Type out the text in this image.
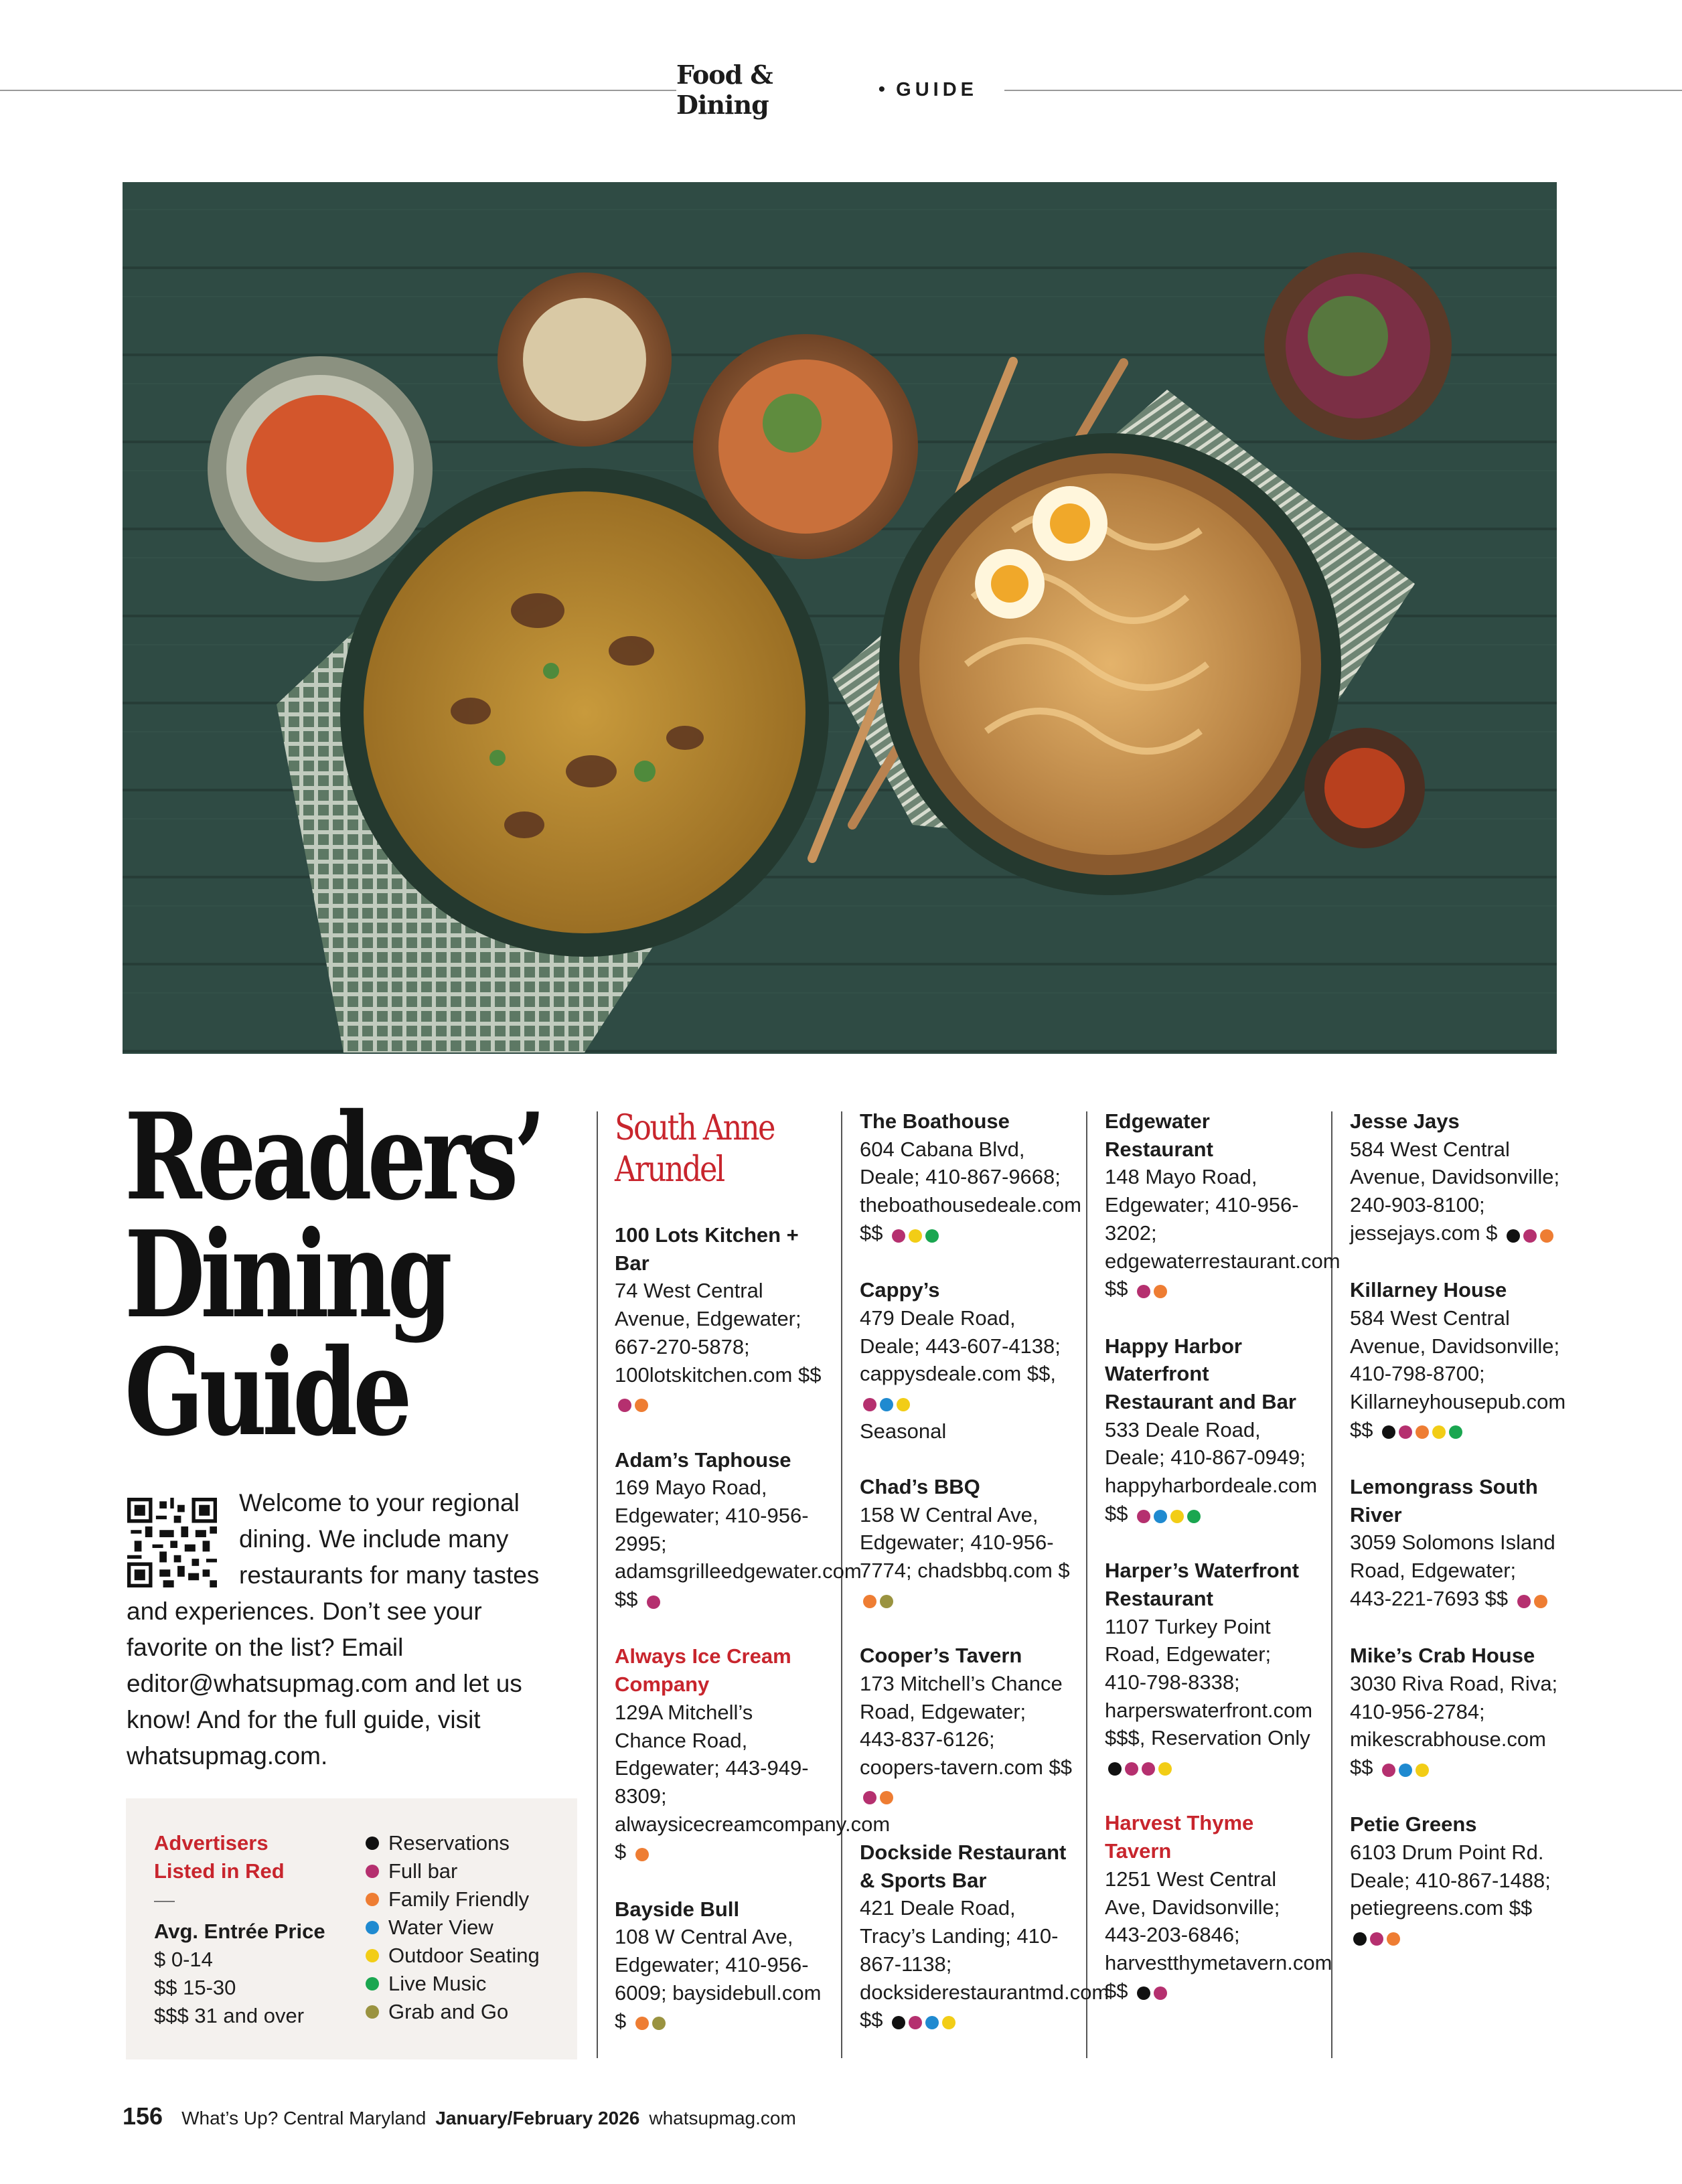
Food & Dining
• GUIDE
Readers’
Dining
Guide
Welcome to your regional dining. We include many restaurants for many tastes and experiences. Don’t see your favorite on the list? Email editor@whatsupmag.com and let us know! And for the full guide, visit whatsupmag.com.
Advertisers Listed in Red
—
Avg. Entrée Price
$ 0-14
$$ 15-30
$$$ 31 and over
Reservations
Full bar
Family Friendly
Water View
Outdoor Seating
Live Music
Grab and Go
South Anne
Arundel
100 Lots Kitchen + Bar
74 West Central Avenue, Edgewater; 667-270-5878; 100lotskitchen.com $$
Adam’s Taphouse
169 Mayo Road, Edgewater; 410-956-2995; adamsgrilleedgewater.com $$
Always Ice Cream Company
129A Mitchell’s Chance Road, Edgewater; 443-949-8309; alwaysicecreamcompany.com $
Bayside Bull
108 W Central Ave, Edgewater; 410-956-6009; baysidebull.com $
The Boathouse
604 Cabana Blvd, Deale; 410-867-9668; theboathousedeale.com $$
Cappy’s
479 Deale Road, Deale; 443-607-4138; cappysdeale.com $$,
Seasonal
Chad’s BBQ
158 W Central Ave, Edgewater; 410-956-7774; chadsbbq.com $
Cooper’s Tavern
173 Mitchell’s Chance Road, Edgewater; 443-837-6126; coopers-tavern.com $$
Dockside Restaurant & Sports Bar
421 Deale Road, Tracy’s Landing; 410-867-1138; docksiderestaurantmd.com $$
Edgewater Restaurant
148 Mayo Road, Edgewater; 410-956-3202; edgewaterrestaurant.com $$
Happy Harbor Waterfront Restaurant and Bar
533 Deale Road, Deale; 410-867-0949; happyharbordeale.com $$
Harper’s Waterfront Restaurant
1107 Turkey Point Road, Edgewater; 410-798-8338; harperswaterfront.com $$$, Reservation Only
Harvest Thyme Tavern
1251 West Central Ave, Davidsonville; 443-203-6846; harvestthymetavern.com $$
Jesse Jays
584 West Central Avenue, Davidsonville; 240-903-8100; jessejays.com $
Killarney House
584 West Central Avenue, Davidsonville; 410-798-8700; Killarneyhousepub.com $$
Lemongrass South River
3059 Solomons Island Road, Edgewater; 443-221-7693 $$
Mike’s Crab House
3030 Riva Road, Riva; 410-956-2784; mikescrabhouse.com $$
Petie Greens
6103 Drum Point Rd. Deale; 410-867-1488; petiegreens.com $$
156 What’s Up? Central Maryland January/February 2026 whatsupmag.com
